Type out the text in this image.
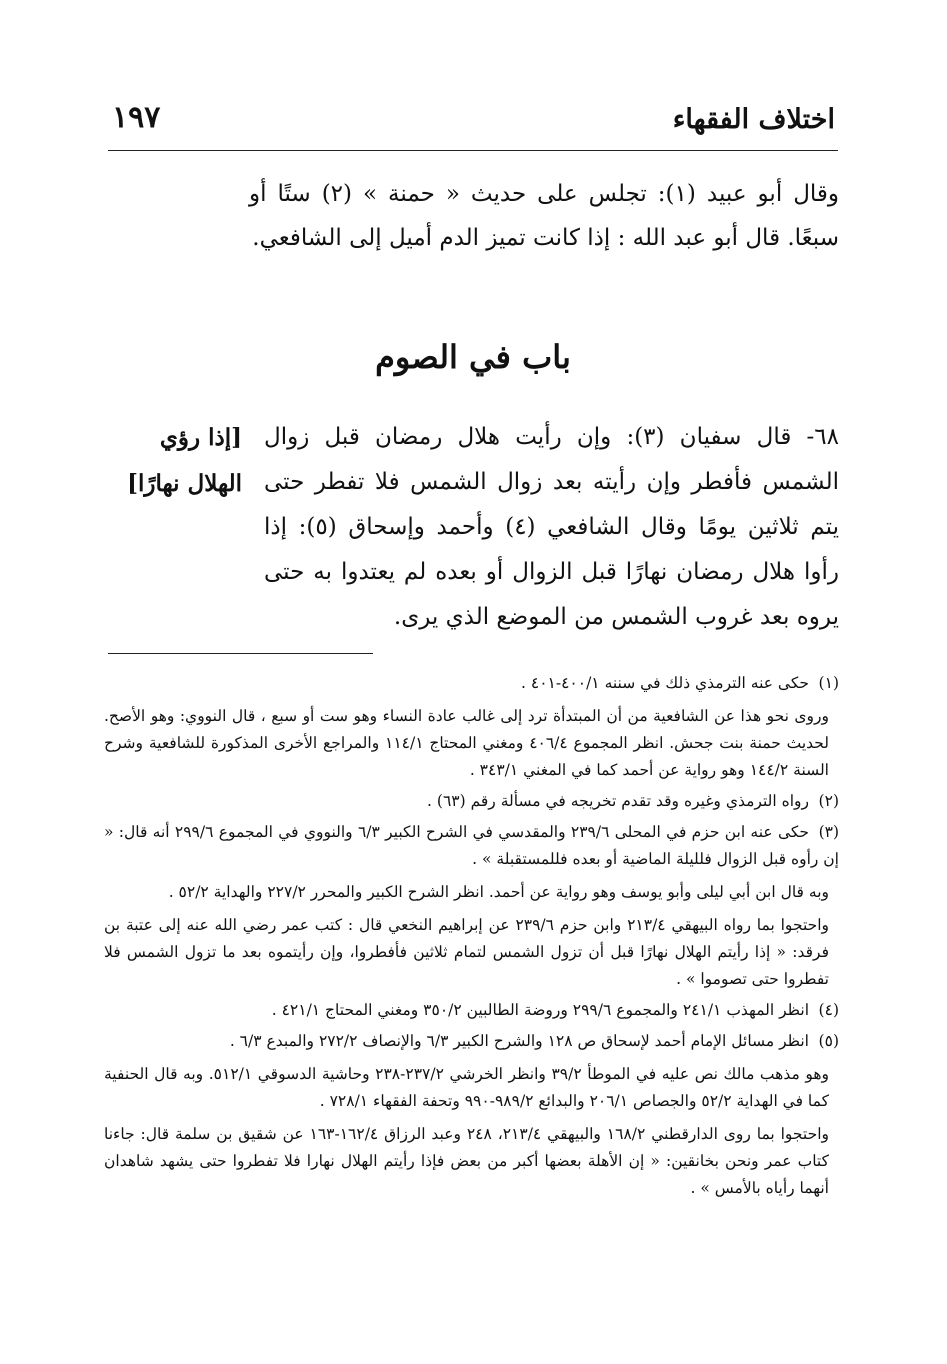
اختلاف الفقهاء
١٩٧
وقال أبو عبيد (١): تجلس على حديث « حمنة » (٢) ستًا أو سبعًا. قال أبو عبد الله : إذا كانت تميز الدم أميل إلى الشافعي.
باب في الصوم
٦٨- قال سفيان (٣): وإن رأيت هلال رمضان قبل زوال الشمس فأفطر وإن رأيته بعد زوال الشمس فلا تفطر حتى يتم ثلاثين يومًا وقال الشافعي (٤) وأحمد وإسحاق (٥): إذا رأوا هلال رمضان نهارًا قبل الزوال أو بعده لم يعتدوا به حتى يروه بعد غروب الشمس من الموضع الذي يرى.
[إذا رؤي الهلال نهارًا]

(١)حكى عنه الترمذي ذلك في سننه ٤٠٠/١-٤٠١ .

وروى نحو هذا عن الشافعية من أن المبتدأة ترد إلى غالب عادة النساء وهو ست أو سبع ، قال النووي: وهو الأصح. لحديث حمنة بنت جحش. انظر المجموع ٤٠٦/٤ ومغني المحتاج ١١٤/١ والمراجع الأخرى المذكورة للشافعية وشرح السنة ١٤٤/٢ وهو رواية عن أحمد كما في المغني ٣٤٣/١ .

(٢)رواه الترمذي وغيره وقد تقدم تخريجه في مسألة رقم (٦٣) .

(٣)حكى عنه ابن حزم في المحلى ٢٣٩/٦ والمقدسي في الشرح الكبير ٦/٣ والنووي في المجموع ٢٩٩/٦ أنه قال: « إن رأوه قبل الزوال فلليلة الماضية أو بعده فللمستقبلة » .

وبه قال ابن أبي ليلى وأبو يوسف وهو رواية عن أحمد. انظر الشرح الكبير والمحرر ٢٢٧/٢ والهداية ٥٢/٢ .

واحتجوا بما رواه البيهقي ٢١٣/٤ وابن حزم ٢٣٩/٦ عن إبراهيم النخعي قال : كتب عمر رضي الله عنه إلى عتبة بن فرقد: « إذا رأيتم الهلال نهارًا قبل أن تزول الشمس لتمام ثلاثين فأفطروا، وإن رأيتموه بعد ما تزول الشمس فلا تفطروا حتى تصوموا » .

(٤)انظر المهذب ٢٤١/١ والمجموع ٢٩٩/٦ وروضة الطالبين ٣٥٠/٢ ومغني المحتاج ٤٢١/١ .

(٥)انظر مسائل الإمام أحمد لإسحاق ص ١٢٨ والشرح الكبير ٦/٣ والإنصاف ٢٧٢/٢ والمبدع ٦/٣ .

وهو مذهب مالك نص عليه في الموطأ ٣٩/٢ وانظر الخرشي ٢٣٧/٢-٢٣٨ وحاشية الدسوقي ٥١٢/١. وبه قال الحنفية كما في الهداية ٥٢/٢ والجصاص ٢٠٦/١ والبدائع ٩٨٩/٢-٩٩٠ وتحفة الفقهاء ٧٢٨/١ .

واحتجوا بما روى الدارقطني ١٦٨/٢ والبيهقي ٢١٣/٤، ٢٤٨ وعبد الرزاق ١٦٢/٤-١٦٣ عن شقيق بن سلمة قال: جاءنا كتاب عمر ونحن بخانقين: « إن الأهلة بعضها أكبر من بعض فإذا رأيتم الهلال نهارا فلا تفطروا حتى يشهد شاهدان أنهما رأياه بالأمس » .
